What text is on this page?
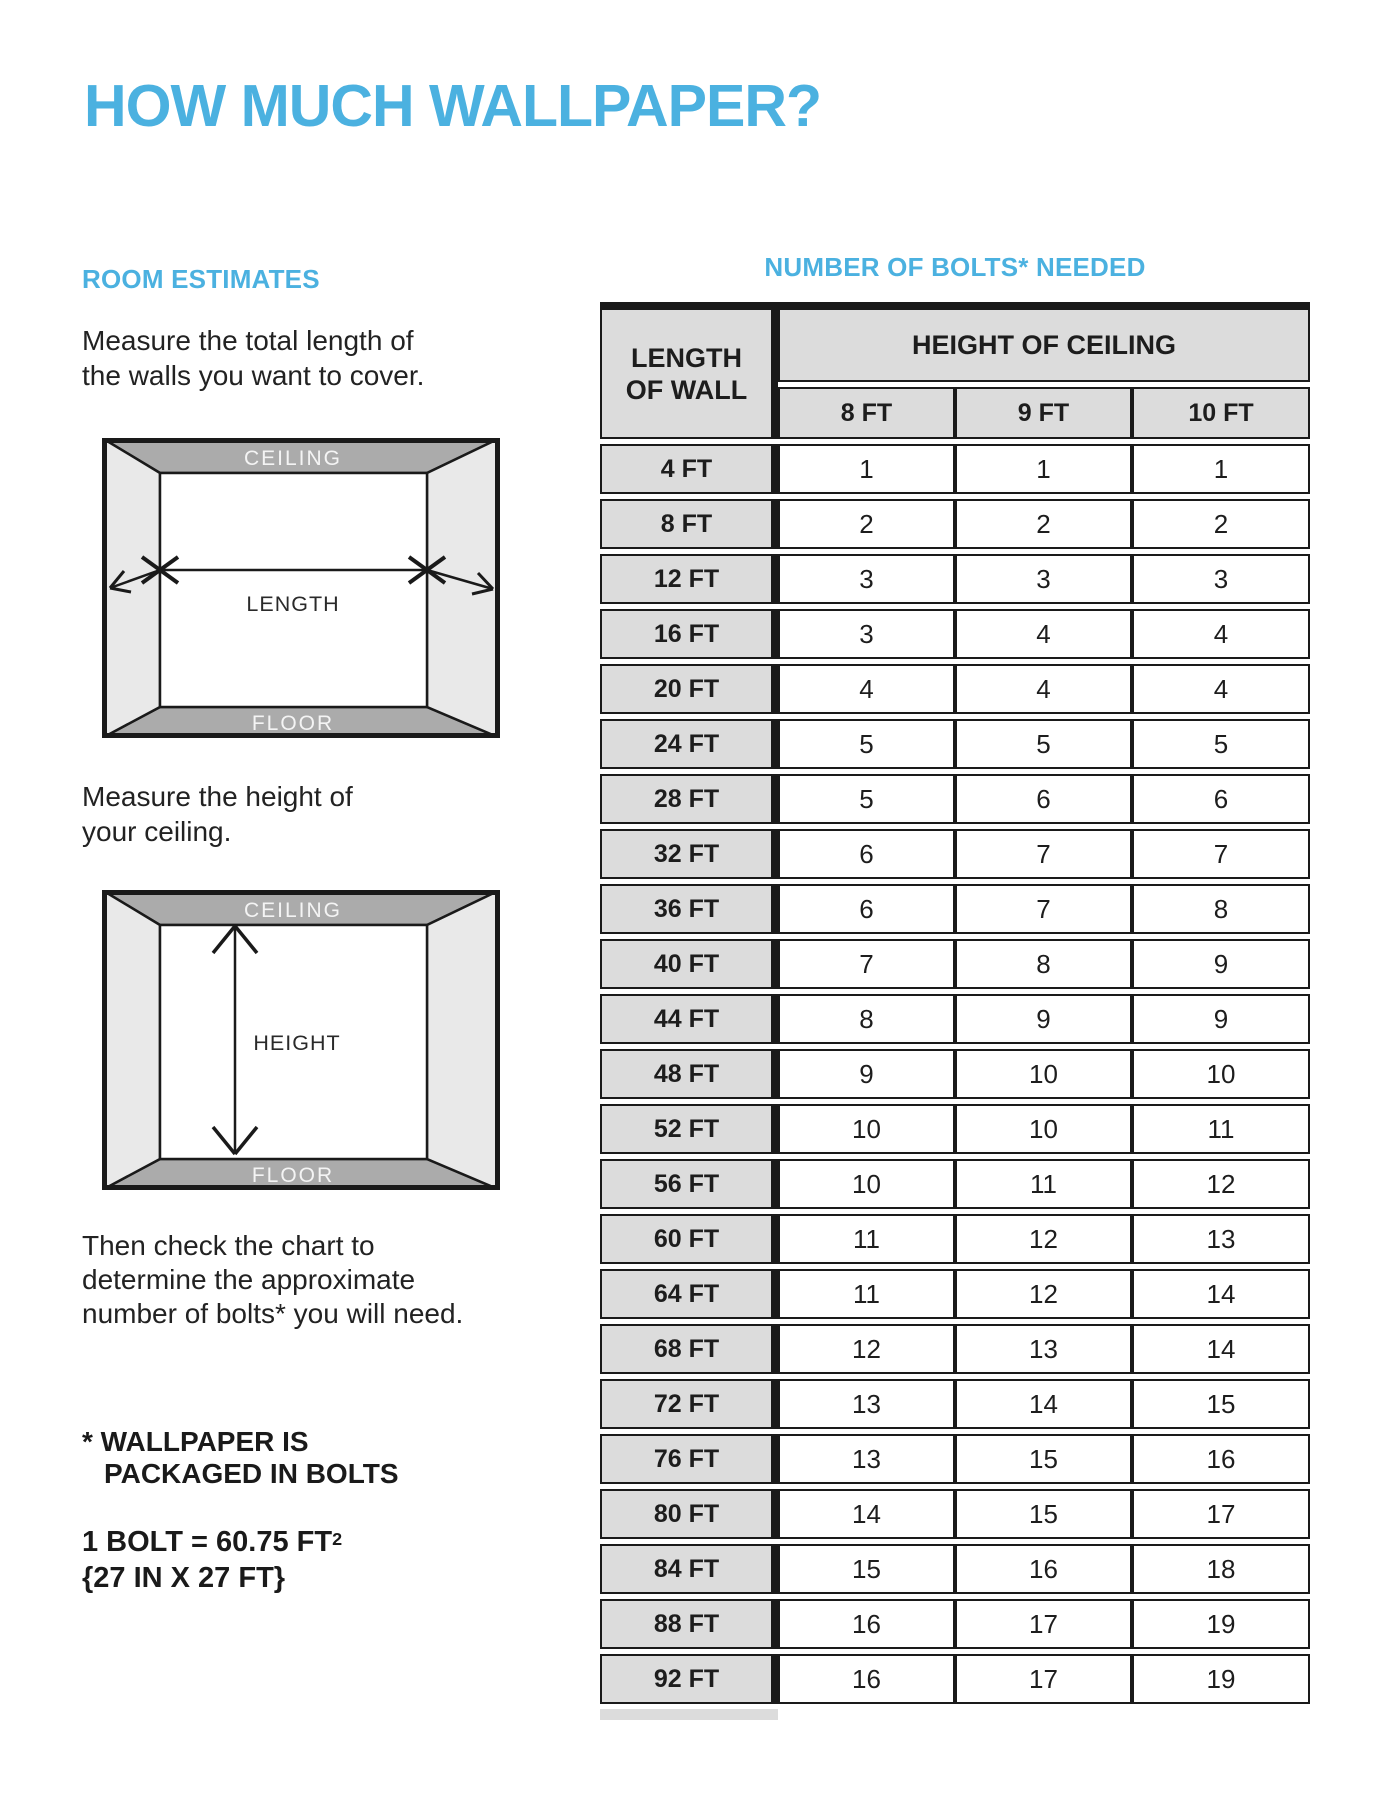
HOW MUCH WALLPAPER?
ROOM ESTIMATES

Measure the total length of
the walls you want to cover.

CEILING
FLOOR
LENGTH

Measure the height of
your ceiling.

CEILING
FLOOR
HEIGHT

Then check the chart to
determine the approximate
number of bolts* you will need.

* WALLPAPER IS
PACKAGED IN BOLTS

1 BOLT = 60.75 $FT^2$
{27 IN X 27 FT}

NUMBER OF BOLTS* NEEDED
LENGTH
OF WALL	HEIGHT OF CEILING		
	8 FT	9 FT	10 FT
4 FT	1	1	1
8 FT	2	2	2
12 FT	3	3	3
16 FT	3	4	4
20 FT	4	4	4
24 FT	5	5	5
28 FT	5	6	6
32 FT	6	7	7
36 FT	6	7	8
40 FT	7	8	9
44 FT	8	9	9
48 FT	9	10	10
52 FT	10	10	11
56 FT	10	11	12
60 FT	11	12	13
64 FT	11	12	14
68 FT	12	13	14
72 FT	13	14	15
76 FT	13	15	16
80 FT	14	15	17
84 FT	15	16	18
88 FT	16	17	19
92 FT	16	17	19
